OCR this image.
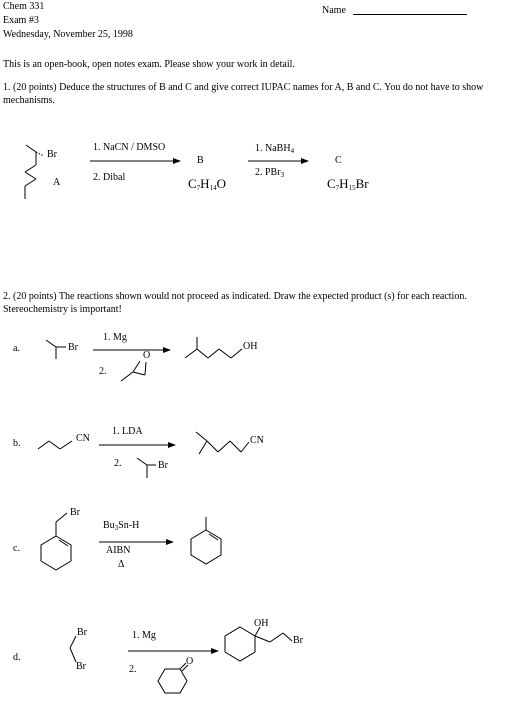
Chem 331
Exam #3
Wednesday, November 25, 1998
Name
This is an open-book, open notes exam. Please show your work in detail.
1. (20 points) Deduce the structures of B and C and give correct IUPAC names for A, B and C. You do not have to show mechanisms.
Br
A
1. NaCN / DMSO
2. Dibal
B
C7H14O
1. NaBH$_4$
2. PBr$_3$
C
C7H15Br
2. (20 points) The reactions shown would not proceed as indicated. Draw the expected product (s) for each reaction. Stereochemistry is important!
a.	Br
1. Mg
2.
O
OH
b.	CN
1. LDA
2.	Br
CN
c.
Br
$Bu_3Sn-H$
AIBN
Δ
d.
Br
Br
1. Mg
2.
O
OH
Br
